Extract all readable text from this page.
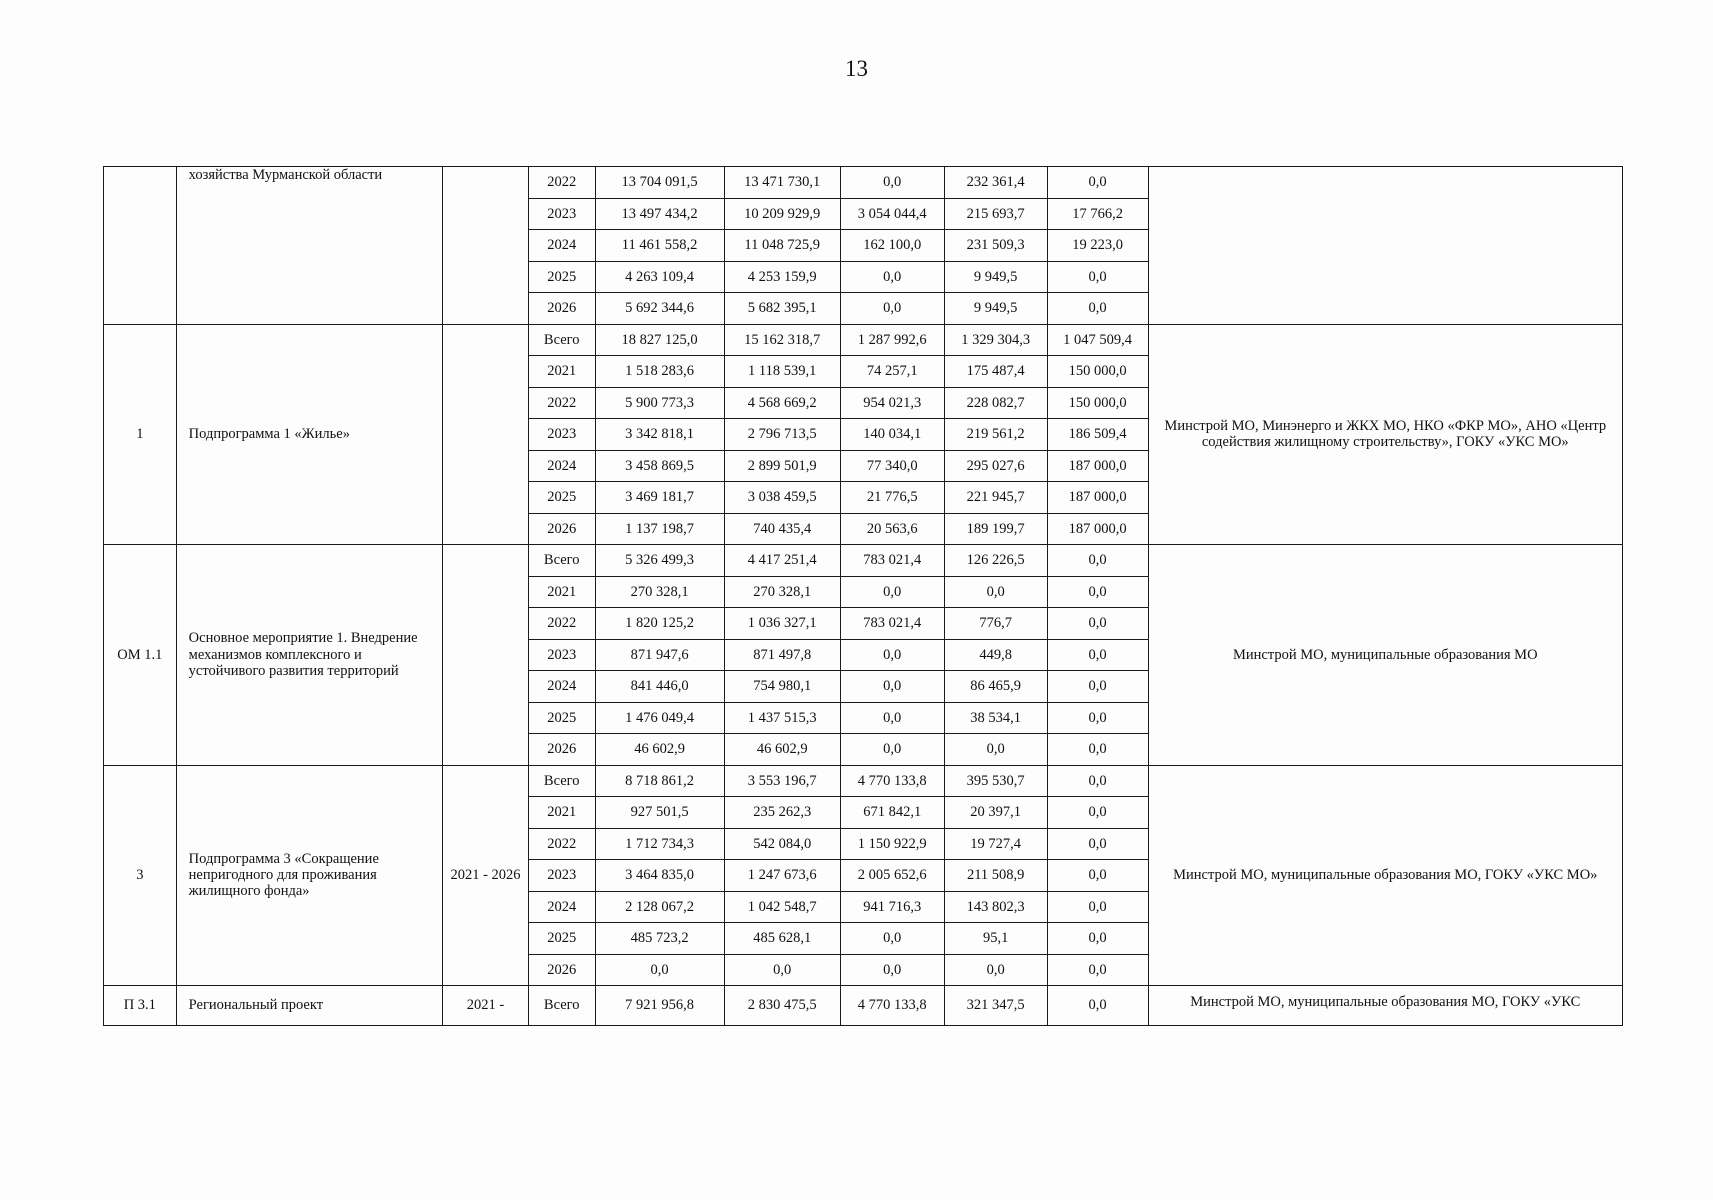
13
	хозяйства Мурманской области		2022	13 704 091,5	13 471 730,1	0,0	232 361,4	0,0	
			2023	13 497 434,2	10 209 929,9	3 054 044,4	215 693,7	17 766,2	
			2024	11 461 558,2	11 048 725,9	162 100,0	231 509,3	19 223,0	
			2025	4 263 109,4	4 253 159,9	0,0	9 949,5	0,0	
			2026	5 692 344,6	5 682 395,1	0,0	9 949,5	0,0	
1	Подпрограмма 1 «Жилье»		Всего	18 827 125,0	15 162 318,7	1 287 992,6	1 329 304,3	1 047 509,4	Минстрой МО, Минэнерго и ЖКХ МО, НКО «ФКР МО», АНО «Центр содействия жилищному строительству», ГОКУ «УКС МО»
			2021	1 518 283,6	1 118 539,1	74 257,1	175 487,4	150 000,0	
			2022	5 900 773,3	4 568 669,2	954 021,3	228 082,7	150 000,0	
			2023	3 342 818,1	2 796 713,5	140 034,1	219 561,2	186 509,4	
			2024	3 458 869,5	2 899 501,9	77 340,0	295 027,6	187 000,0	
			2025	3 469 181,7	3 038 459,5	21 776,5	221 945,7	187 000,0	
			2026	1 137 198,7	740 435,4	20 563,6	189 199,7	187 000,0	
ОМ 1.1	Основное мероприятие 1. Внедрение механизмов комплексного и устойчивого развития территорий		Всего	5 326 499,3	4 417 251,4	783 021,4	126 226,5	0,0	Минстрой МО, муниципальные образования МО
			2021	270 328,1	270 328,1	0,0	0,0	0,0	
			2022	1 820 125,2	1 036 327,1	783 021,4	776,7	0,0	
			2023	871 947,6	871 497,8	0,0	449,8	0,0	
			2024	841 446,0	754 980,1	0,0	86 465,9	0,0	
			2025	1 476 049,4	1 437 515,3	0,0	38 534,1	0,0	
			2026	46 602,9	46 602,9	0,0	0,0	0,0	
3	Подпрограмма 3 «Сокращение непригодного для проживания жилищного фонда»	2021 - 2026	Всего	8 718 861,2	3 553 196,7	4 770 133,8	395 530,7	0,0	Минстрой МО, муниципальные образования МО, ГОКУ «УКС МО»
			2021	927 501,5	235 262,3	671 842,1	20 397,1	0,0	
			2022	1 712 734,3	542 084,0	1 150 922,9	19 727,4	0,0	
			2023	3 464 835,0	1 247 673,6	2 005 652,6	211 508,9	0,0	
			2024	2 128 067,2	1 042 548,7	941 716,3	143 802,3	0,0	
			2025	485 723,2	485 628,1	0,0	95,1	0,0	
			2026	0,0	0,0	0,0	0,0	0,0	
П 3.1	Региональный проект	2021 -	Всего	7 921 956,8	2 830 475,5	4 770 133,8	321 347,5	0,0	Минстрой МО, муниципальные образования МО, ГОКУ «УКС
